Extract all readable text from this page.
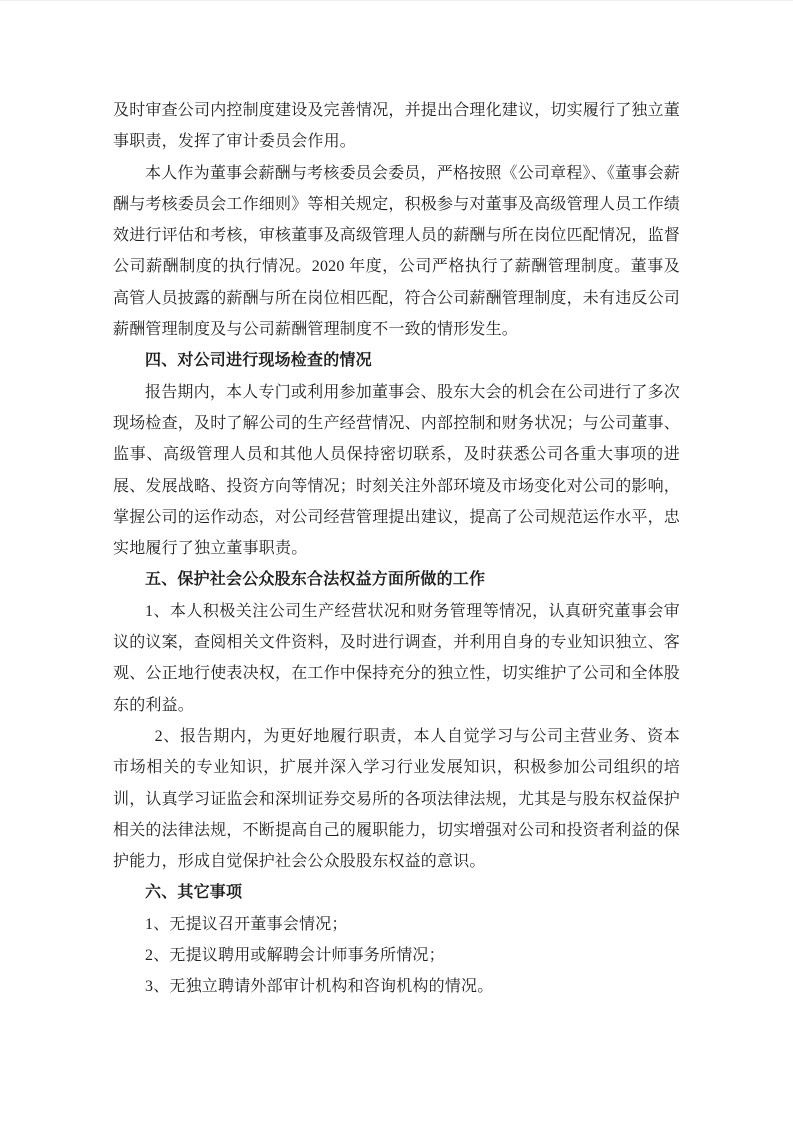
及时审查公司内控制度建设及完善情况，并提出合理化建议，切实履行了独立董事职责，发挥了审计委员会作用。

本人作为董事会薪酬与考核委员会委员，严格按照《公司章程》、《董事会薪酬与考核委员会工作细则》等相关规定，积极参与对董事及高级管理人员工作绩效进行评估和考核，审核董事及高级管理人员的薪酬与所在岗位匹配情况，监督公司薪酬制度的执行情况。2020 年度，公司严格执行了薪酬管理制度。董事及高管人员披露的薪酬与所在岗位相匹配，符合公司薪酬管理制度，未有违反公司薪酬管理制度及与公司薪酬管理制度不一致的情形发生。

四、对公司进行现场检查的情况

报告期内，本人专门或利用参加董事会、股东大会的机会在公司进行了多次现场检查，及时了解公司的生产经营情况、内部控制和财务状况；与公司董事、监事、高级管理人员和其他人员保持密切联系，及时获悉公司各重大事项的进展、发展战略、投资方向等情况；时刻关注外部环境及市场变化对公司的影响，掌握公司的运作动态，对公司经营管理提出建议，提高了公司规范运作水平，忠实地履行了独立董事职责。

五、保护社会公众股东合法权益方面所做的工作

1、本人积极关注公司生产经营状况和财务管理等情况，认真研究董事会审议的议案，查阅相关文件资料，及时进行调查，并利用自身的专业知识独立、客观、公正地行使表决权，在工作中保持充分的独立性，切实维护了公司和全体股东的利益。

2、报告期内，为更好地履行职责，本人自觉学习与公司主营业务、资本市场相关的专业知识，扩展并深入学习行业发展知识，积极参加公司组织的培训，认真学习证监会和深圳证券交易所的各项法律法规，尤其是与股东权益保护相关的法律法规，不断提高自己的履职能力，切实增强对公司和投资者利益的保护能力，形成自觉保护社会公众股股东权益的意识。

六、其它事项

1、无提议召开董事会情况；

2、无提议聘用或解聘会计师事务所情况；

3、无独立聘请外部审计机构和咨询机构的情况。
